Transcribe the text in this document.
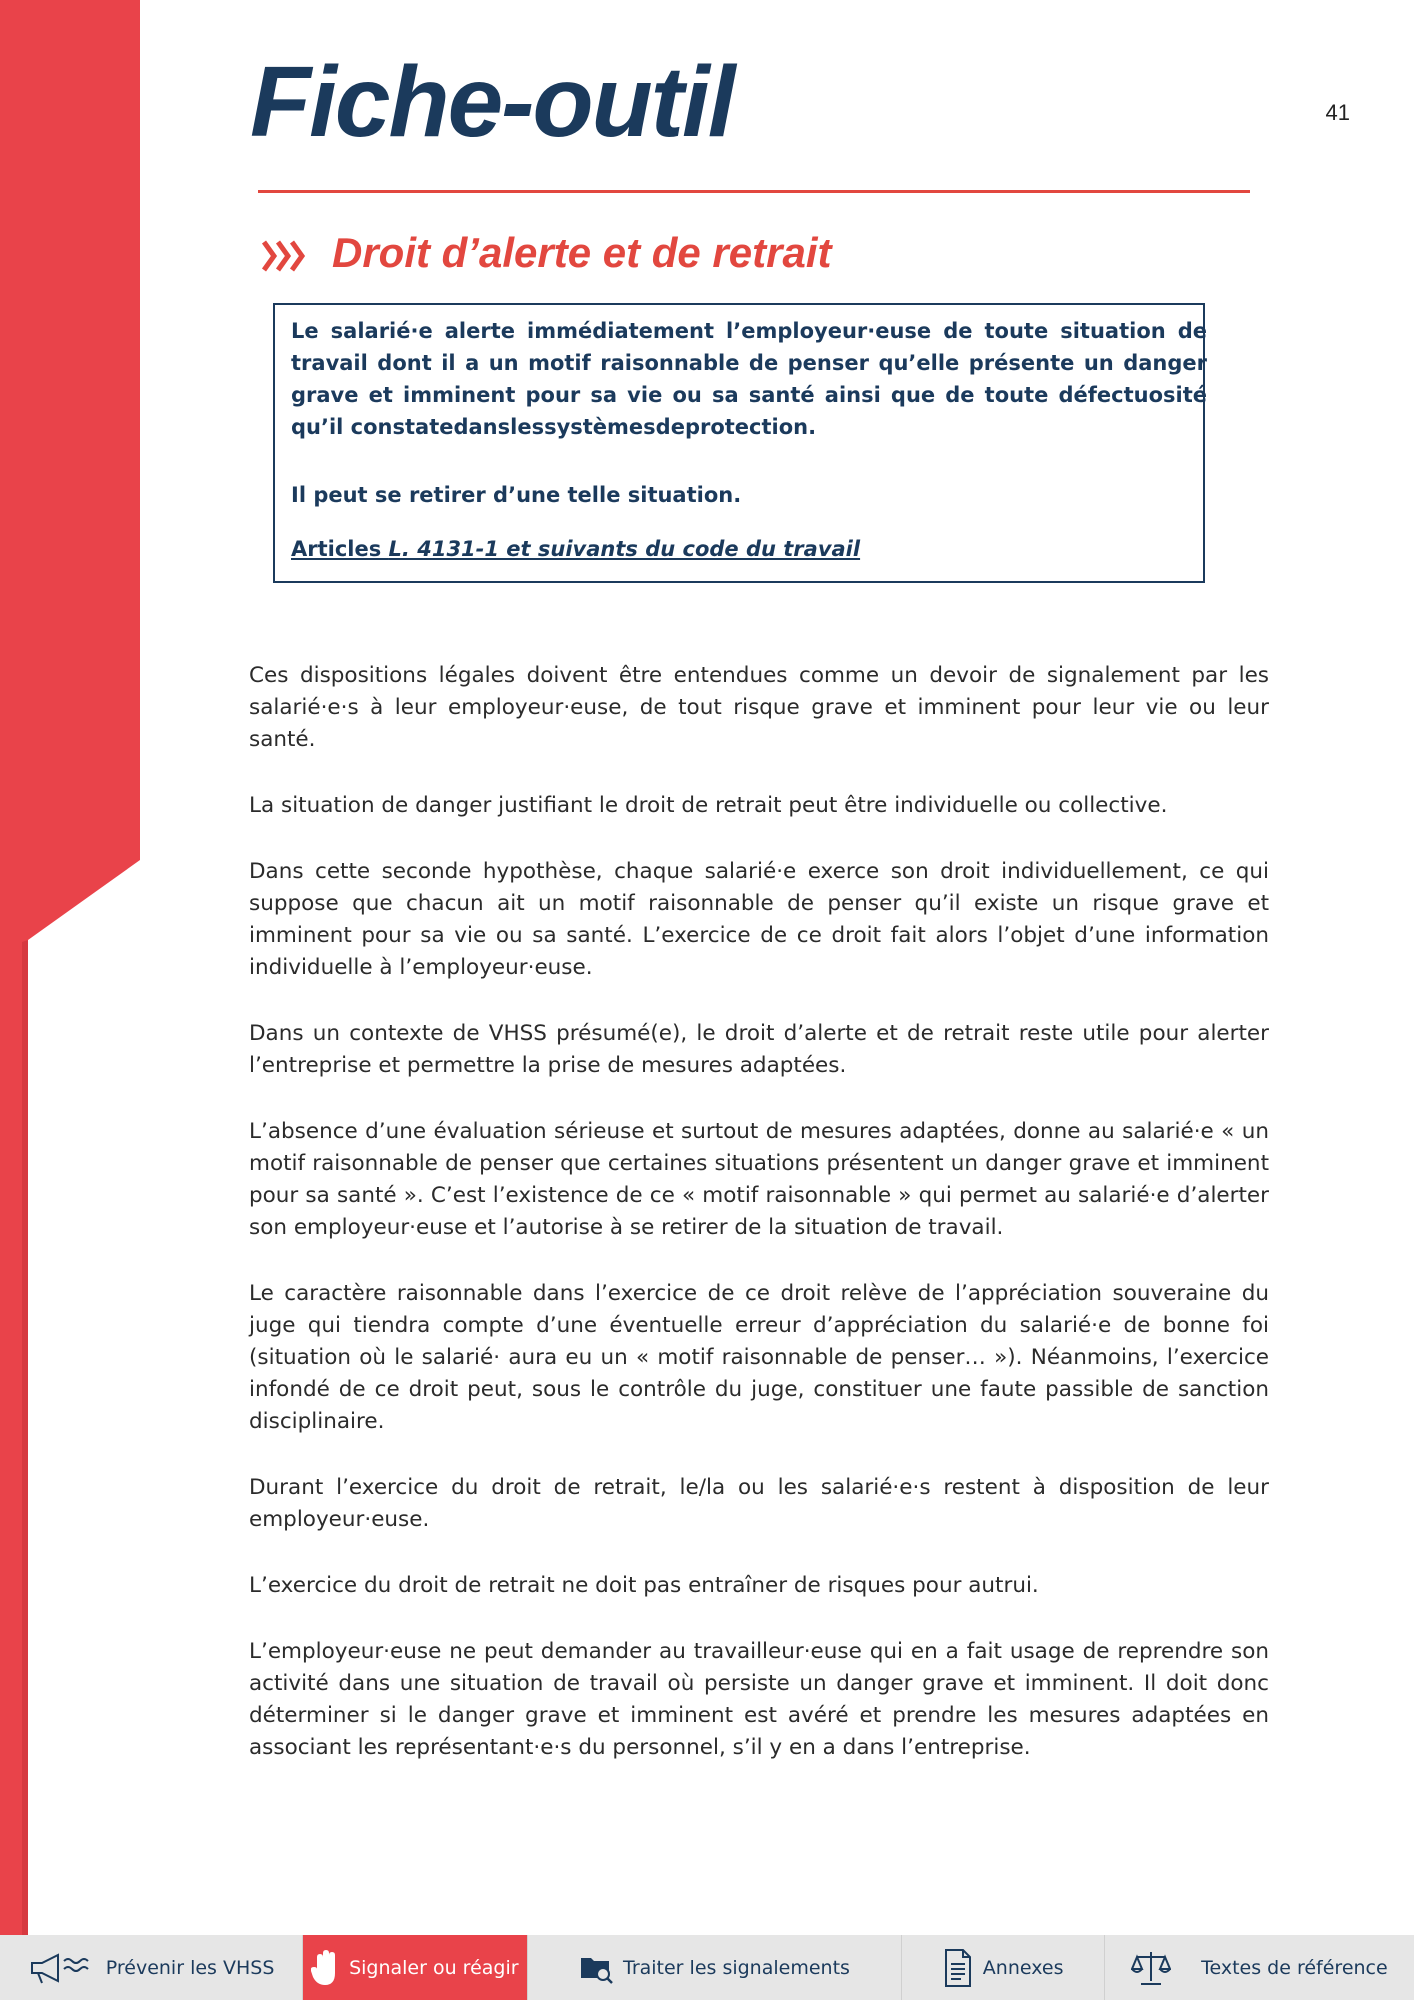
41
Fiche-outil
Droit d’alerte et de retrait

Le salarié·e alerte immédiatement l’employeur·euse de toute situation de travail dont il a un motif raisonnable de penser qu’elle présente un danger grave et imminent pour sa vie ou sa santé ainsi que de toute défectuosité qu’il constatedanslessystèmesdeprotection.

Il peut se retirer d’une telle situation.

Articles L. 4131-1 et suivants du code du travail

Ces dispositions légales doivent être entendues comme un devoir de signalement par les salarié·e·s à leur employeur·euse, de tout risque grave et imminent pour leur vie ou leur santé.

La situation de danger justifiant le droit de retrait peut être individuelle ou collective.

Dans cette seconde hypothèse, chaque salarié·e exerce son droit individuellement, ce qui suppose que chacun ait un motif raisonnable de penser qu’il existe un risque grave et imminent pour sa vie ou sa santé. L’exercice de ce droit fait alors l’objet d’une information individuelle à l’employeur·euse.

Dans un contexte de VHSS présumé(e), le droit d’alerte et de retrait reste utile pour alerter l’entreprise et permettre la prise de mesures adaptées.

L’absence d’une évaluation sérieuse et surtout de mesures adaptées, donne au salarié·e « un motif raisonnable de penser que certaines situations présentent un danger grave et imminent pour sa santé ». C’est l’existence de ce « motif raisonnable » qui permet au salarié·e d’alerter son employeur·euse et l’autorise à se retirer de la situation de travail.

Le caractère raisonnable dans l’exercice de ce droit relève de l’appréciation souveraine du juge qui tiendra compte d’une éventuelle erreur d’appréciation du salarié·e de bonne foi (situation où le salarié· aura eu un « motif raisonnable de penser… »). Néanmoins, l’exercice infondé de ce droit peut, sous le contrôle du juge, constituer une faute passible de sanction disciplinaire.

Durant l’exercice du droit de retrait, le/la ou les salarié·e·s restent à disposition de leur employeur·euse.

L’exercice du droit de retrait ne doit pas entraîner de risques pour autrui.

L’employeur·euse ne peut demander au travailleur·euse qui en a fait usage de reprendre son activité dans une situation de travail où persiste un danger grave et imminent. Il doit donc déterminer si le danger grave et imminent est avéré et prendre les mesures adaptées en associant les représentant·e·s du personnel, s’il y en a dans l’entreprise.

Prévenir les VHSS	Signaler ou réagir	Traiter les signalements	Annexes	Textes de référence
